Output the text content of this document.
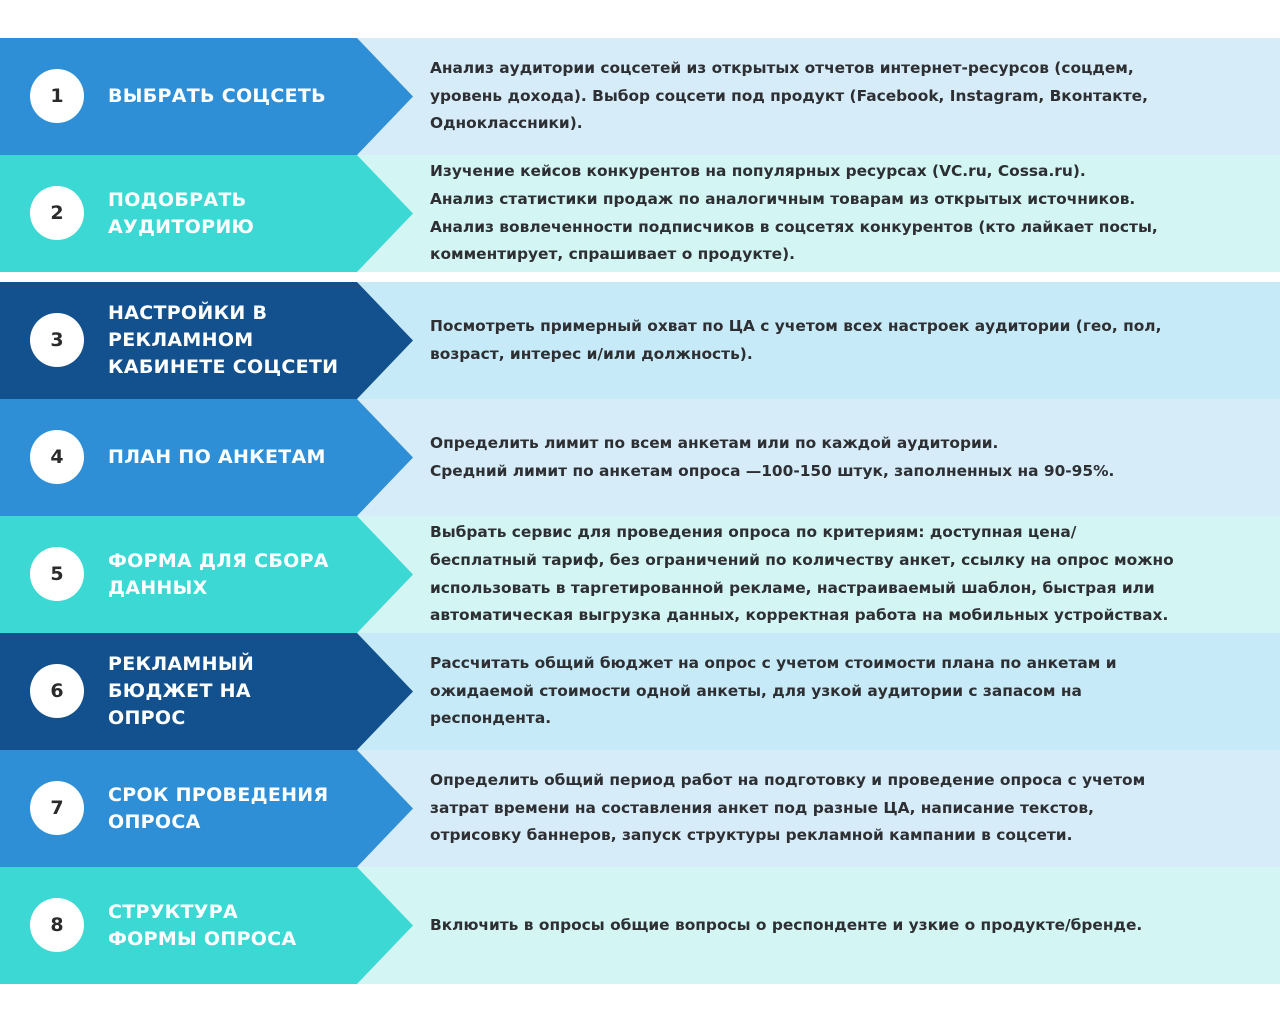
1	ВЫБРАТЬ СОЦСЕТЬ
Анализ аудитории соцсетей из открытых отчетов интернет-ресурсов (соцдем,
уровень дохода). Выбор соцсети под продукт (Facebook, Instagram, Вконтакте,
Одноклассники).
2
ПОДОБРАТЬ
АУДИТОРИЮ
Изучение кейсов конкурентов на популярных ресурсах (VC.ru, Cossa.ru).
Анализ статистики продаж по аналогичным товарам из открытых источников.
Анализ вовлеченности подписчиков в соцсетях конкурентов (кто лайкает посты,
комментирует, спрашивает о продукте).
3
НАСТРОЙКИ В
РЕКЛАМНОМ
КАБИНЕТЕ СОЦСЕТИ
Посмотреть примерный охват по ЦА с учетом всех настроек аудитории (гео, пол,
возраст, интерес и/или должность).
4	ПЛАН ПО АНКЕТАМ
Определить лимит по всем анкетам или по каждой аудитории.
Средний лимит по анкетам опроса —100-150 штук, заполненных на 90-95%.
5
ФОРМА ДЛЯ СБОРА
ДАННЫХ
Выбрать сервис для проведения опроса по критериям: доступная цена/
бесплатный тариф, без ограничений по количеству анкет, ссылку на опрос можно
использовать в таргетированной рекламе, настраиваемый шаблон, быстрая или
автоматическая выгрузка данных, корректная работа на мобильных устройствах.
6
РЕКЛАМНЫЙ
БЮДЖЕТ НА
ОПРОС
Рассчитать общий бюджет на опрос с учетом стоимости плана по анкетам и
ожидаемой стоимости одной анкеты, для узкой аудитории с запасом на
респондента.
7
СРОК ПРОВЕДЕНИЯ
ОПРОСА
Определить общий период работ на подготовку и проведение опроса с учетом
затрат времени на составления анкет под разные ЦА, написание текстов,
отрисовку баннеров, запуск структуры рекламной кампании в соцсети.
8
СТРУКТУРА
ФОРМЫ ОПРОСА
Включить в опросы общие вопросы о респонденте и узкие о продукте/бренде.
